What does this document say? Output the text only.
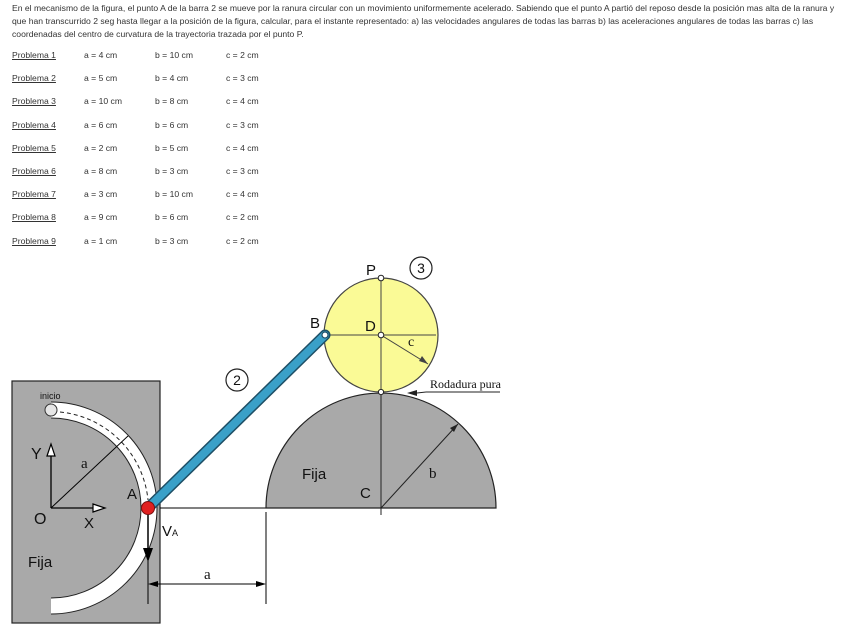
En el mecanismo de la figura, el punto A de la barra 2 se mueve por la ranura circular con un movimiento uniformemente acelerado. Sabiendo que el punto A partió del reposo desde la posición mas alta de la ranura y que han transcurrido 2 seg hasta llegar a la posición de la figura, calcular, para el instante representado: a) las velocidades angulares de todas las barras b) las aceleraciones angulares de todas las barras c) las coordenadas del centro de curvatura de la trayectoria trazada por el punto P.

Problema 1	a = 4 cm	b = 10 cm	c = 2 cm
Problema 2	a = 5 cm	b = 4 cm	c = 3 cm
Problema 3	a = 10 cm	b = 8 cm	c = 4 cm
Problema 4	a = 6 cm	b = 6 cm	c = 3 cm
Problema 5	a = 2 cm	b = 5 cm	c = 4 cm
Problema 6	a = 8 cm	b = 3 cm	c = 3 cm
Problema 7	a = 3 cm	b = 10 cm	c = 4 cm
Problema 8	a = 9 cm	b = 6 cm	c = 2 cm
Problema 9	a = 1 cm	b = 3 cm	c = 2 cm
inicio
Y
X
O
a
A
V A
Fija
a
2
B
P	3
D
c
Rodadura pura
Fija
C
b
